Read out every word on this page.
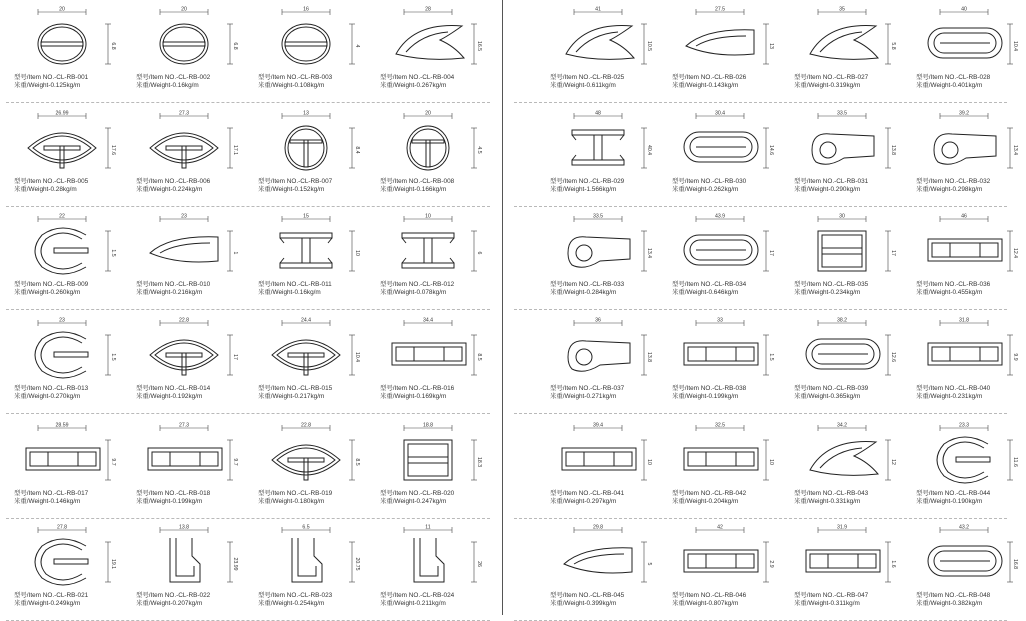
20
6.8
型号/Item NO.-CL-RB-001
米重/Weight-0.125kg/m
20
6.8
型号/Item NO.-CL-RB-002
米重/Weight-0.16kg/m
16
4
型号/Item NO.-CL-RB-003
米重/Weight-0.108kg/m
28
16.5
型号/Item NO.-CL-RB-004
米重/Weight-0.267kg/m
26.99
17.6
型号/Item NO.-CL-RB-005
米重/Weight-0.28kg/m
27.3
17.1
型号/Item NO.-CL-RB-006
米重/Weight-0.224kg/m
13
8.4
型号/Item NO.-CL-RB-007
米重/Weight-0.152kg/m
20
4.5
型号/Item NO.-CL-RB-008
米重/Weight-0.166kg/m
22
1.5
型号/Item NO.-CL-RB-009
米重/Weight-0.260kg/m
23
1
型号/Item NO.-CL-RB-010
米重/Weight-0.216kg/m
15
10
型号/Item NO.-CL-RB-011
米重/Weight-0.16kg/m
10
6
型号/Item NO.-CL-RB-012
米重/Weight-0.078kg/m
23
1.5
型号/Item NO.-CL-RB-013
米重/Weight-0.270kg/m
22.8
17
型号/Item NO.-CL-RB-014
米重/Weight-0.192kg/m
24.4
10.4
型号/Item NO.-CL-RB-015
米重/Weight-0.217kg/m
34.4
8.5
型号/Item NO.-CL-RB-016
米重/Weight-0.169kg/m
28.59
9.7
型号/Item NO.-CL-RB-017
米重/Weight-0.146kg/m
27.3
9.7
型号/Item NO.-CL-RB-018
米重/Weight-0.199kg/m
22.8
8.5
型号/Item NO.-CL-RB-019
米重/Weight-0.180kg/m
18.8
18.3
型号/Item NO.-CL-RB-020
米重/Weight-0.247kg/m
27.8
19.1
型号/Item NO.-CL-RB-021
米重/Weight-0.249kg/m
13.8
23.99
型号/Item NO.-CL-RB-022
米重/Weight-0.207kg/m
6.5
20.75
型号/Item NO.-CL-RB-023
米重/Weight-0.254kg/m
11
26
型号/Item NO.-CL-RB-024
米重/Weight-0.211kg/m
41
10.5
型号/Item NO.-CL-RB-025
米重/Weight-0.611kg/m
27.5
13
型号/Item NO.-CL-RB-026
米重/Weight-0.143kg/m
35
5.8
型号/Item NO.-CL-RB-027
米重/Weight-0.319kg/m
40
10.4
型号/Item NO.-CL-RB-028
米重/Weight-0.401kg/m
48
40.4
型号/Item NO.-CL-RB-029
米重/Weight-1.566kg/m
30.4
14.6
型号/Item NO.-CL-RB-030
米重/Weight-0.262kg/m
33.5
13.8
型号/Item NO.-CL-RB-031
米重/Weight-0.290kg/m
39.2
13.4
型号/Item NO.-CL-RB-032
米重/Weight-0.298kg/m
33.5
13.4
型号/Item NO.-CL-RB-033
米重/Weight-0.284kg/m
43.9
17
型号/Item NO.-CL-RB-034
米重/Weight-0.646kg/m
30
17
型号/Item NO.-CL-RB-035
米重/Weight-0.234kg/m
46
12.4
型号/Item NO.-CL-RB-036
米重/Weight-0.455kg/m
36
13.8
型号/Item NO.-CL-RB-037
米重/Weight-0.271kg/m
33
1.5
型号/Item NO.-CL-RB-038
米重/Weight-0.199kg/m
38.2
12.6
型号/Item NO.-CL-RB-039
米重/Weight-0.365kg/m
31.8
9.9
型号/Item NO.-CL-RB-040
米重/Weight-0.231kg/m
39.4
10
型号/Item NO.-CL-RB-041
米重/Weight-0.297kg/m
32.5
10
型号/Item NO.-CL-RB-042
米重/Weight-0.204kg/m
34.2
12
型号/Item NO.-CL-RB-043
米重/Weight-0.331kg/m
23.3
11.6
型号/Item NO.-CL-RB-044
米重/Weight-0.190kg/m
29.8
5
型号/Item NO.-CL-RB-045
米重/Weight-0.399kg/m
42
2.9
型号/Item NO.-CL-RB-046
米重/Weight-0.807kg/m
31.9
1.6
型号/Item NO.-CL-RB-047
米重/Weight-0.311kg/m
43.2
16.8
型号/Item NO.-CL-RB-048
米重/Weight-0.382kg/m
